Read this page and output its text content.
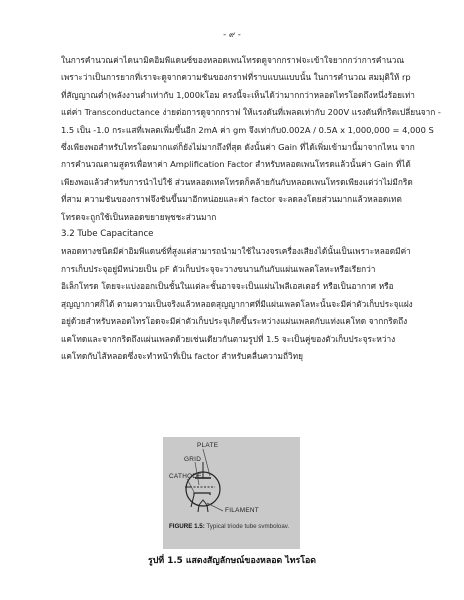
- ๙ -

ในการคำนวณค่าไดนามิคอิมพีแดนซ์ของหลอดเพนโทรดดูจากกราฟจะเข้าใจยากกว่าการคำนวณ

เพราะว่าเป็นการยากที่เราจะดูจากความชันของกราฟที่ราบแบนแบบนั้น ในการคำนวณ สมมุติให้ rp

ที่สัญญาณต่ำ(พลังงานต่ำเท่ากับ 1,000kโอม ตรงนี้จะเห็นได้ว่ามากกว่าหลอดไทรโอดถึงหนึ่งร้อยเท่า

แต่ค่า Transconductance ง่ายต่อการดูจากกราฟ ให้แรงดันที่เพลตเท่ากับ 200V แรงดันที่กริดเปลี่ยนจาก -

1.5 เป็น -1.0 กระแสที่เพลตเพิ่มขึ้นอีก 2mA ค่า gm จึงเท่ากับ0.002A / 0.5A x 1,000,000 = 4,000 S

ซึ่งเพียงพอสำหรับไทรโอดมากแต่ก็ยังไม่มากถึงที่สุด ดังนั้นค่า Gain ที่ได้เพิ่มเข้ามานี้มาจากไหน จาก

การคำนวณตามสูตรเพื่อหาค่า Amplification Factor สำหรับหลอดเพนโทรดแล้วนั้นค่า Gain ที่ได้

เพียงพอแล้วสำหรับการนำไปใช้ ส่วนหลอดเทตโทรดก็คล้ายกันกับหลอดเพนโทรดเพียงแต่ว่าไม่มีกริด

ที่สาม ความชันของกราฟจึงชันขึ้นมาอีกหน่อยและค่า factor จะลดลงโดยส่วนมากแล้วหลอดเทต

โทรดจะถูกใช้เป็นหลอดขยายพุชชะส่วนมาก

3.2 Tube Capacitance

หลอดทางชนิดมีค่าอิมพีแดนซ์ที่สูงแต่สามารถนำมาใช้ในวงจรเครื่องเสียงได้นั้นเป็นเพราะหลอดมีค่า

การเก็บประจุอยู่มีหน่วยเป็น pF ตัวเก็บประจุจะวางขนานกันกับแผ่นเพลตโลหะหรือเรียกว่า

อิเล็กโทรด โดยจะแบ่งออกเป็นชั้นในแต่ละชั้นอาจจะเป็นแผ่นไพลีเอสเตอร์ หรือเป็นอากาศ หรือ

สุญญากาศก็ได้ ตามความเป็นจริงแล้วหลอดสุญญากาศที่มีแผ่นเพลตโลหะนั้นจะมีค่าตัวเก็บประจุแฝง

อยู่ด้วยสำหรับหลอดไทรโอดจะมีค่าตัวเก็บประจุเกิดขึ้นระหว่างแผ่นเพลตกับแท่งแคโทด จากกริดถึง

แคโทดและจากกริดถึงแผ่นเพลตด้วยเช่นเดียวกันตามรูปที่ 1.5 จะเป็นคู่ของตัวเก็บประจุระหว่าง

แคโทดกับไส้หลอดซึ่งจะทำหน้าที่เป็น factor สำหรับคลื่นความถี่วิทยุ

PLATE
GRID
CATHODE
FILAMENT
FIGURE 1.5: Typical triode tube svmboloav.
รูปที่ 1.5 แสดงสัญลักษณ์ของหลอด ไทรโอด
